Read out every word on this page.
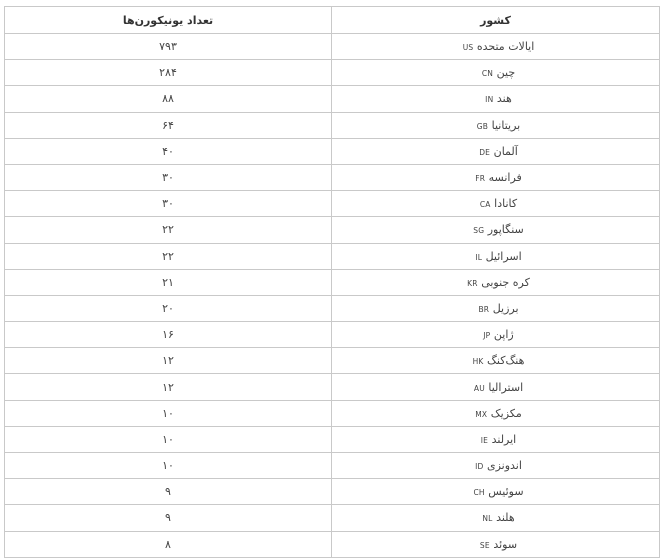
کشور	تعداد یونیکورن‌ها
ایالات متحده US	۷۹۳
چین CN	۲۸۴
هند IN	۸۸
بریتانیا GB	۶۴
آلمان DE	۴۰
فرانسه FR	۳۰
کانادا CA	۳۰
سنگاپور SG	۲۲
اسرائیل IL	۲۲
کره جنوبی KR	۲۱
برزیل BR	۲۰
ژاپن JP	۱۶
هنگ‌کنگ HK	۱۲
استرالیا AU	۱۲
مکزیک MX	۱۰
ایرلند IE	۱۰
اندونزی ID	۱۰
سوئیس CH	۹
هلند NL	۹
سوئد SE	۸
